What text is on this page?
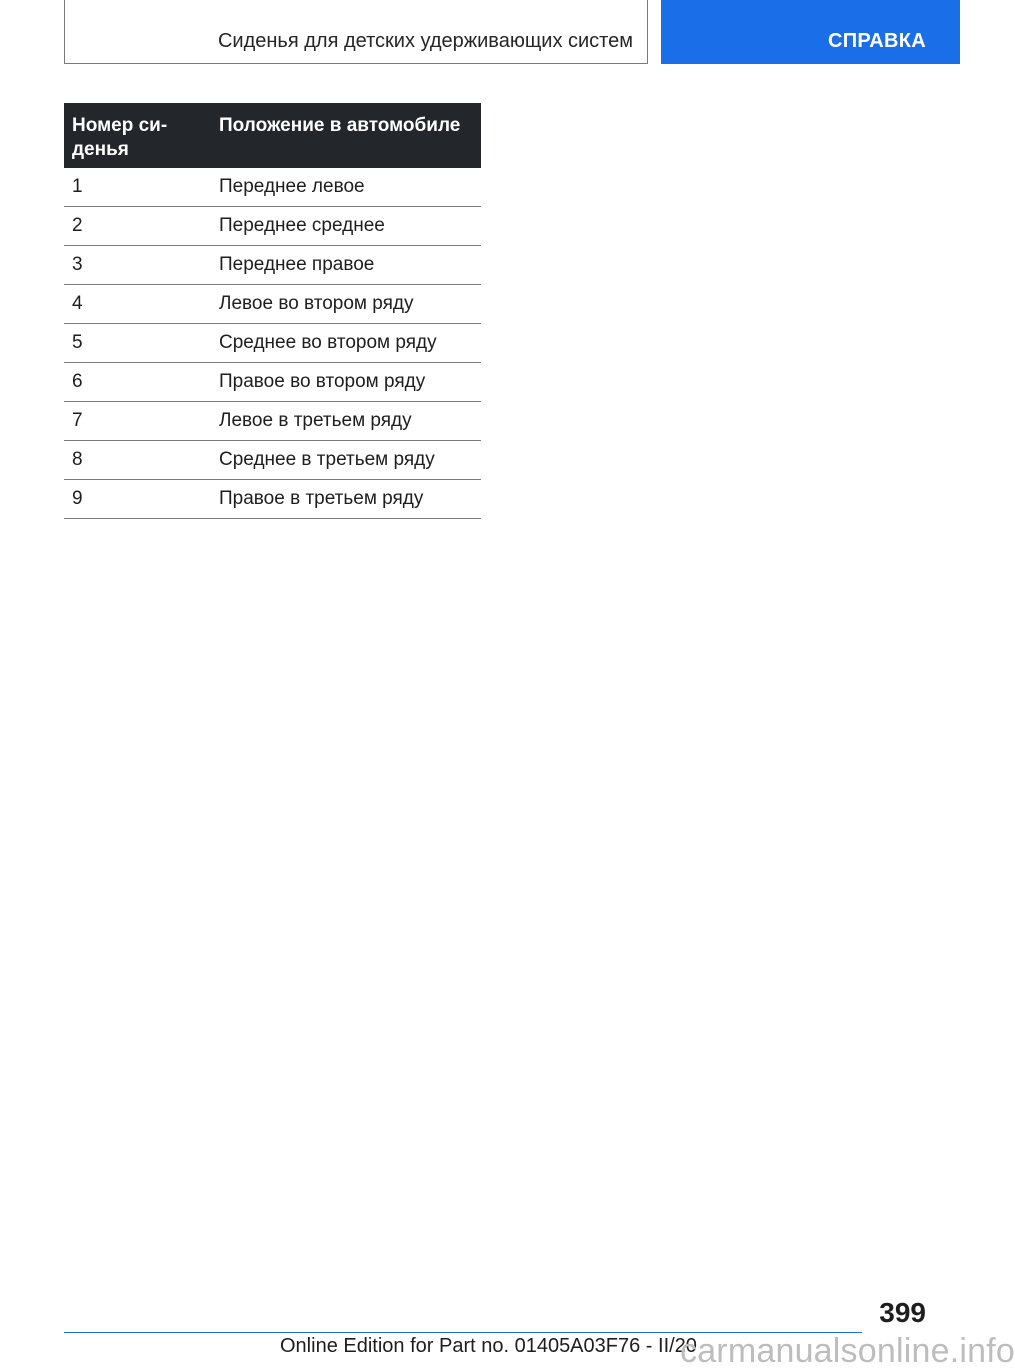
Сиденья для детских удерживающих систем	СПРАВКА
Номер си-
денья	Положение в автомобиле
1	Переднее левое
2	Переднее среднее
3	Переднее правое
4	Левое во втором ряду
5	Среднее во втором ряду
6	Правое во втором ряду
7	Левое в третьем ряду
8	Среднее в третьем ряду
9	Правое в третьем ряду
399
Online Edition for Part no. 01405A03F76 - II/20
carmanualsonline.info
